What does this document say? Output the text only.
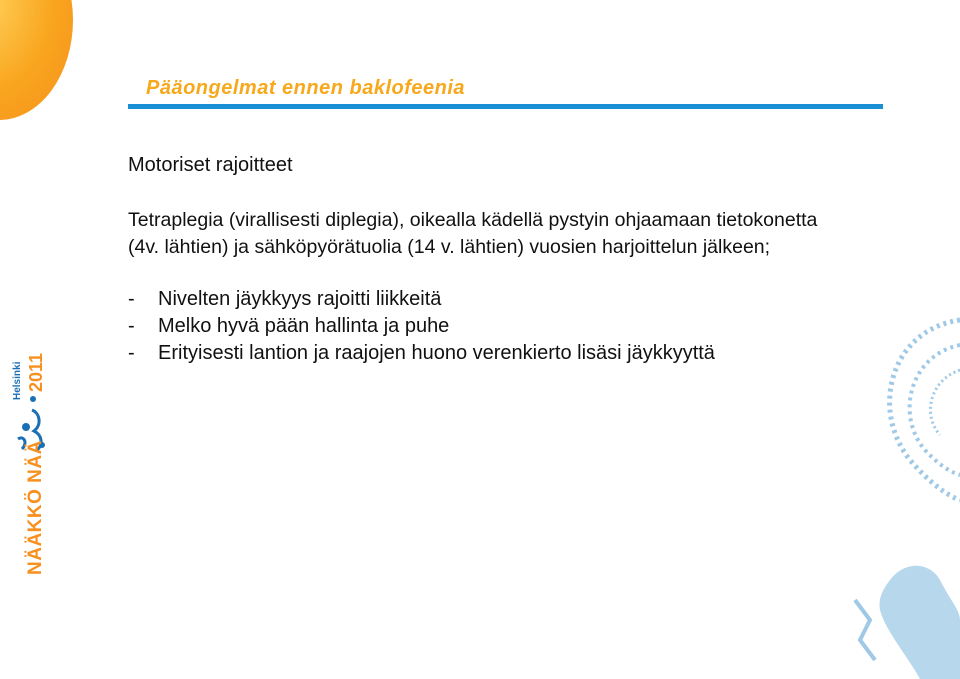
Pääongelmat ennen baklofeenia
2011
Helsinki
NÄÄKKÖ NÄÄ

Motoriset rajoitteet

Tetraplegia (virallisesti diplegia), oikealla kädellä pystyin ohjaamaan tietokonetta (4v. lähtien) ja sähköpyörätuolia (14 v. lähtien) vuosien harjoittelun jälkeen;

-	Nivelten jäykkyys rajoitti liikkeitä
-	Melko hyvä pään hallinta ja puhe
-	Erityisesti lantion ja raajojen huono verenkierto lisäsi jäykkyyttä
